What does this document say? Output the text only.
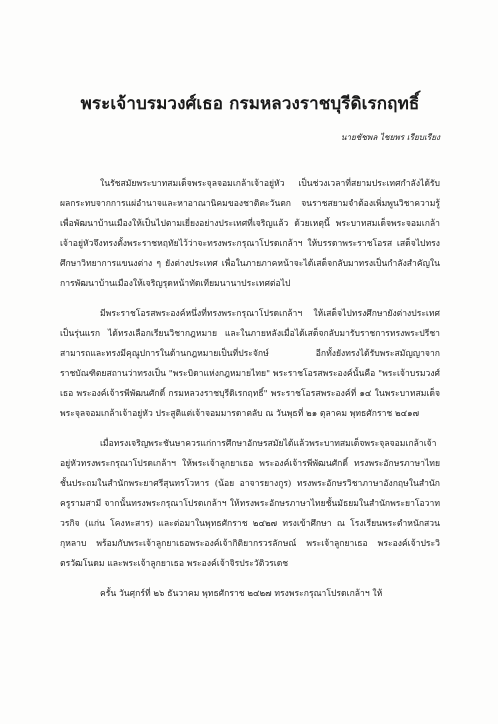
พระเจ้าบรมวงศ์เธอ กรมหลวงราชบุรีดิเรกฤทธิ์
นายชัชพล ไชยพร เรียบเรียง

ในรัชสมัยพระบาทสมเด็จพระจุลจอมเกล้าเจ้าอยู่หัว เป็นช่วงเวลาที่สยามประเทศกำลังได้รับผลกระทบจากการแผ่อำนาจและหาอาณานิคมของชาติตะวันตก จนราชสยามจำต้องเพิ่มพูนวิชาความรู้ เพื่อพัฒนาบ้านเมืองให้เป็นไปตามเยี่ยงอย่างประเทศที่เจริญแล้ว ด้วยเหตุนี้ พระบาทสมเด็จพระจอมเกล้าเจ้าอยู่หัวจึงทรงตั้งพระราชหฤทัยไว้ว่าจะทรงพระกรุณาโปรดเกล้าฯ ให้บรรดาพระราชโอรส เสด็จไปทรงศึกษาวิทยาการแขนงต่าง ๆ ยังต่างประเทศ เพื่อในภายภาคหน้าจะได้เสด็จกลับมาทรงเป็นกำลังสำคัญในการพัฒนาบ้านเมืองให้เจริญรุดหน้าทัดเทียมนานาประเทศต่อไป

มีพระราชโอรสพระองค์หนึ่งที่ทรงพระกรุณาโปรดเกล้าฯ ให้เสด็จไปทรงศึกษายังต่างประเทศเป็นรุ่นแรก ได้ทรงเลือกเรียนวิชากฎหมาย และในภายหลังเมื่อได้เสด็จกลับมารับราชการทรงพระปรีชาสามารถและทรงมีคุณูปการในด้านกฎหมายเป็นที่ประจักษ์ อีกทั้งยังทรงได้รับพระสมัญญาจากราชบัณฑิตยสถานว่าทรงเป็น "พระบิดาแห่งกฎหมายไทย" พระราชโอรสพระองค์นั้นคือ "พระเจ้าบรมวงศ์เธอ พระองค์เจ้ารพีพัฒนศักดิ์ กรมหลวงราชบุรีดิเรกฤทธิ์" พระราชโอรสพระองค์ที่ ๑๔ ในพระบาทสมเด็จพระจุลจอมเกล้าเจ้าอยู่หัว ประสูติแต่เจ้าจอมมารดาตลับ ณ วันพุธที่ ๒๑ ตุลาคม พุทธศักราช ๒๔๑๗

เมื่อทรงเจริญพระชันษาควรแก่การศึกษาอักษรสมัยได้แล้วพระบาทสมเด็จพระจุลจอมเกล้าเจ้าอยู่หัวทรงพระกรุณาโปรดเกล้าฯ ให้พระเจ้าลูกยาเธอ พระองค์เจ้ารพีพัฒนศักดิ์ ทรงพระอักษรภาษาไทยชั้นประถมในสำนักพระยาศรีสุนทรโวหาร (น้อย อาจารยางกูร) ทรงพระอักษรวิชาภาษาอังกฤษในสำนักครูรามสามี จากนั้นทรงพระกรุณาโปรดเกล้าฯ ให้ทรงพระอักษรภาษาไทยชั้นมัธยมในสำนักพระยาโอวาทวรกิจ (แก่น โคงหะสาร) และต่อมาในพุทธศักราช ๒๔๒๗ ทรงเข้าศึกษา ณ โรงเรียนพระตำหนักสวนกุหลาบ พร้อมกับพระเจ้าลูกยาเธอพระองค์เจ้ากิติยากรวรลักษณ์ พระเจ้าลูกยาเธอ พระองค์เจ้าประวิตรวัฒโนดม และพระเจ้าลูกยาเธอ พระองค์เจ้าจิรประวัติวรเดช

ครั้น วันศุกร์ที่ ๒๖ ธันวาคม พุทธศักราช ๒๔๒๗ ทรงพระกรุณาโปรดเกล้าฯ ให้
